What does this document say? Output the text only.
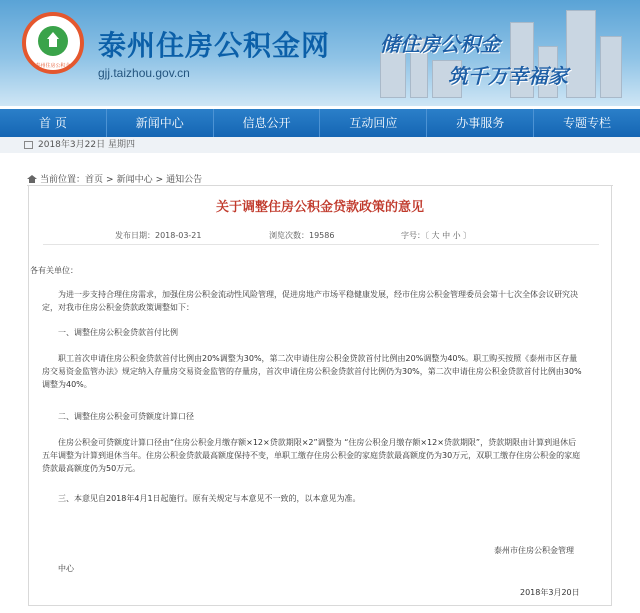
泰州住房公积金
泰州住房公积金网
gjj.taizhou.gov.cn
储住房公积金
筑千万幸福家
首 页	新闻中心	信息公开	互动回应	办事服务	专题专栏
2018年3月22日 星期四
当前位置：首页 > 新闻中心 > 通知公告
关于调整住房公积金贷款政策的意见
发布日期：2018-03-21	浏览次数：19586	字号：〔 大 中 小 〕
各有关单位：
为进一步支持合理住房需求，加强住房公积金流动性风险管理，促进房地产市场平稳健康发展，经市住房公积金管理委员会第十七次全体会议研究决定，对我市住房公积金贷款政策调整如下：
一、调整住房公积金贷款首付比例
职工首次申请住房公积金贷款首付比例由20%调整为30%，第二次申请住房公积金贷款首付比例由20%调整为40%。职工购买按照《泰州市区存量房交易资金监管办法》规定纳入存量房交易资金监管的存量房，首次申请住房公积金贷款首付比例仍为30%，第二次申请住房公积金贷款首付比例由30%调整为40%。
二、调整住房公积金可贷额度计算口径
住房公积金可贷额度计算口径由“住房公积金月缴存额×12×贷款期限×2”调整为 “住房公积金月缴存额×12×贷款期限”，贷款期限由计算到退休后五年调整为计算到退休当年。住房公积金贷款最高额度保持不变，单职工缴存住房公积金的家庭贷款最高额度仍为30万元，双职工缴存住房公积金的家庭贷款最高额度仍为50万元。
三、本意见自2018年4月1日起施行。原有关规定与本意见不一致的，以本意见为准。
泰州市住房公积金管理
中心
2018年3月20日
